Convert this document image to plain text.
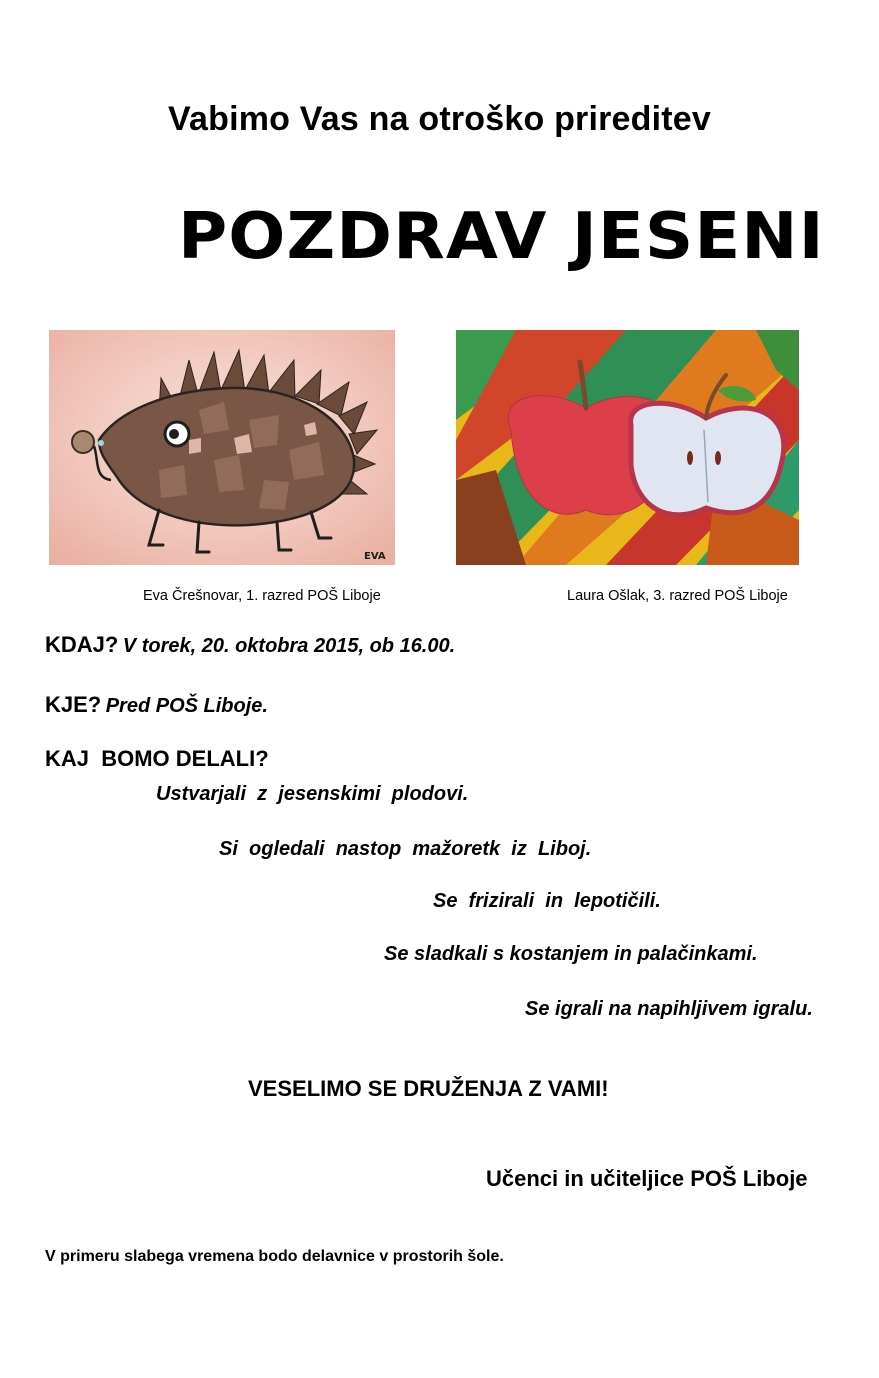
Vabimo Vas na otroško prireditev
POZDRAV JESENI
EVA
Eva Črešnovar, 1. razred POŠ Liboje	Laura Ošlak, 3. razred POŠ Liboje
KDAJ? V torek, 20. oktobra 2015, ob 16.00.
KJE? Pred POŠ Liboje.
KAJ  BOMO DELALI?
Ustvarjali  z  jesenskimi  plodovi.
Si  ogledali  nastop  mažoretk  iz  Liboj.
Se  frizirali  in  lepotičili.
Se sladkali s kostanjem in palačinkami.
Se igrali na napihljivem igralu.
VESELIMO SE DRUŽENJA Z VAMI!
Učenci in učiteljice POŠ Liboje
V primeru slabega vremena bodo delavnice v prostorih šole.
